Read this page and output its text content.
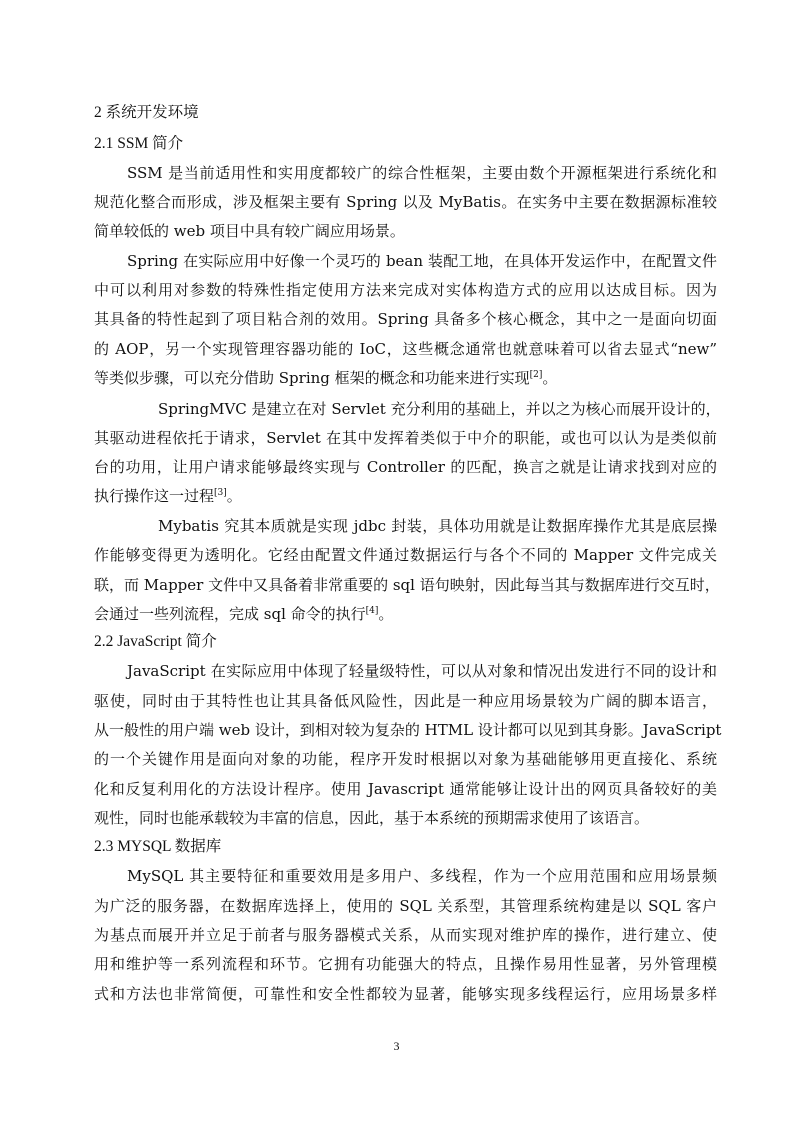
2 系统开发环境
2.1 SSM 简介
SSM 是当前适用性和实用度都较广的综合性框架，主要由数个开源框架进行系统化和
规范化整合而形成，涉及框架主要有 Spring 以及 MyBatis。在实务中主要在数据源标准较
简单较低的 web 项目中具有较广阔应用场景。
Spring 在实际应用中好像一个灵巧的 bean 装配工地，在具体开发运作中，在配置文件
中可以利用对参数的特殊性指定使用方法来完成对实体构造方式的应用以达成目标。因为
其具备的特性起到了项目粘合剂的效用。Spring 具备多个核心概念，其中之一是面向切面
的 AOP，另一个实现管理容器功能的 IoC，这些概念通常也就意味着可以省去显式“new”
等类似步骤，可以充分借助 Spring 框架的概念和功能来进行实现[2]。
SpringMVC 是建立在对 Servlet 充分利用的基础上，并以之为核心而展开设计的，
其驱动进程依托于请求，Servlet 在其中发挥着类似于中介的职能，或也可以认为是类似前
台的功用，让用户请求能够最终实现与 Controller 的匹配，换言之就是让请求找到对应的
执行操作这一过程[3]。
Mybatis 究其本质就是实现 jdbc 封装，具体功用就是让数据库操作尤其是底层操
作能够变得更为透明化。它经由配置文件通过数据运行与各个不同的 Mapper 文件完成关
联，而 Mapper 文件中又具备着非常重要的 sql 语句映射，因此每当其与数据库进行交互时，
会通过一些列流程，完成 sql 命令的执行[4]。
2.2 JavaScript 简介
JavaScript 在实际应用中体现了轻量级特性，可以从对象和情况出发进行不同的设计和
驱使，同时由于其特性也让其具备低风险性，因此是一种应用场景较为广阔的脚本语言，
从一般性的用户端 web 设计，到相对较为复杂的 HTML 设计都可以见到其身影。JavaScript
的一个关键作用是面向对象的功能，程序开发时根据以对象为基础能够用更直接化、系统
化和反复利用化的方法设计程序。使用 Javascript 通常能够让设计出的网页具备较好的美
观性，同时也能承载较为丰富的信息，因此，基于本系统的预期需求使用了该语言。
2.3 MYSQL 数据库
MySQL 其主要特征和重要效用是多用户、多线程，作为一个应用范围和应用场景频
为广泛的服务器，在数据库选择上，使用的 SQL 关系型，其管理系统构建是以 SQL 客户
为基点而展开并立足于前者与服务器模式关系，从而实现对维护库的操作，进行建立、使
用和维护等一系列流程和环节。它拥有功能强大的特点，且操作易用性显著，另外管理模
式和方法也非常简便，可靠性和安全性都较为显著，能够实现多线程运行，应用场景多样
3
